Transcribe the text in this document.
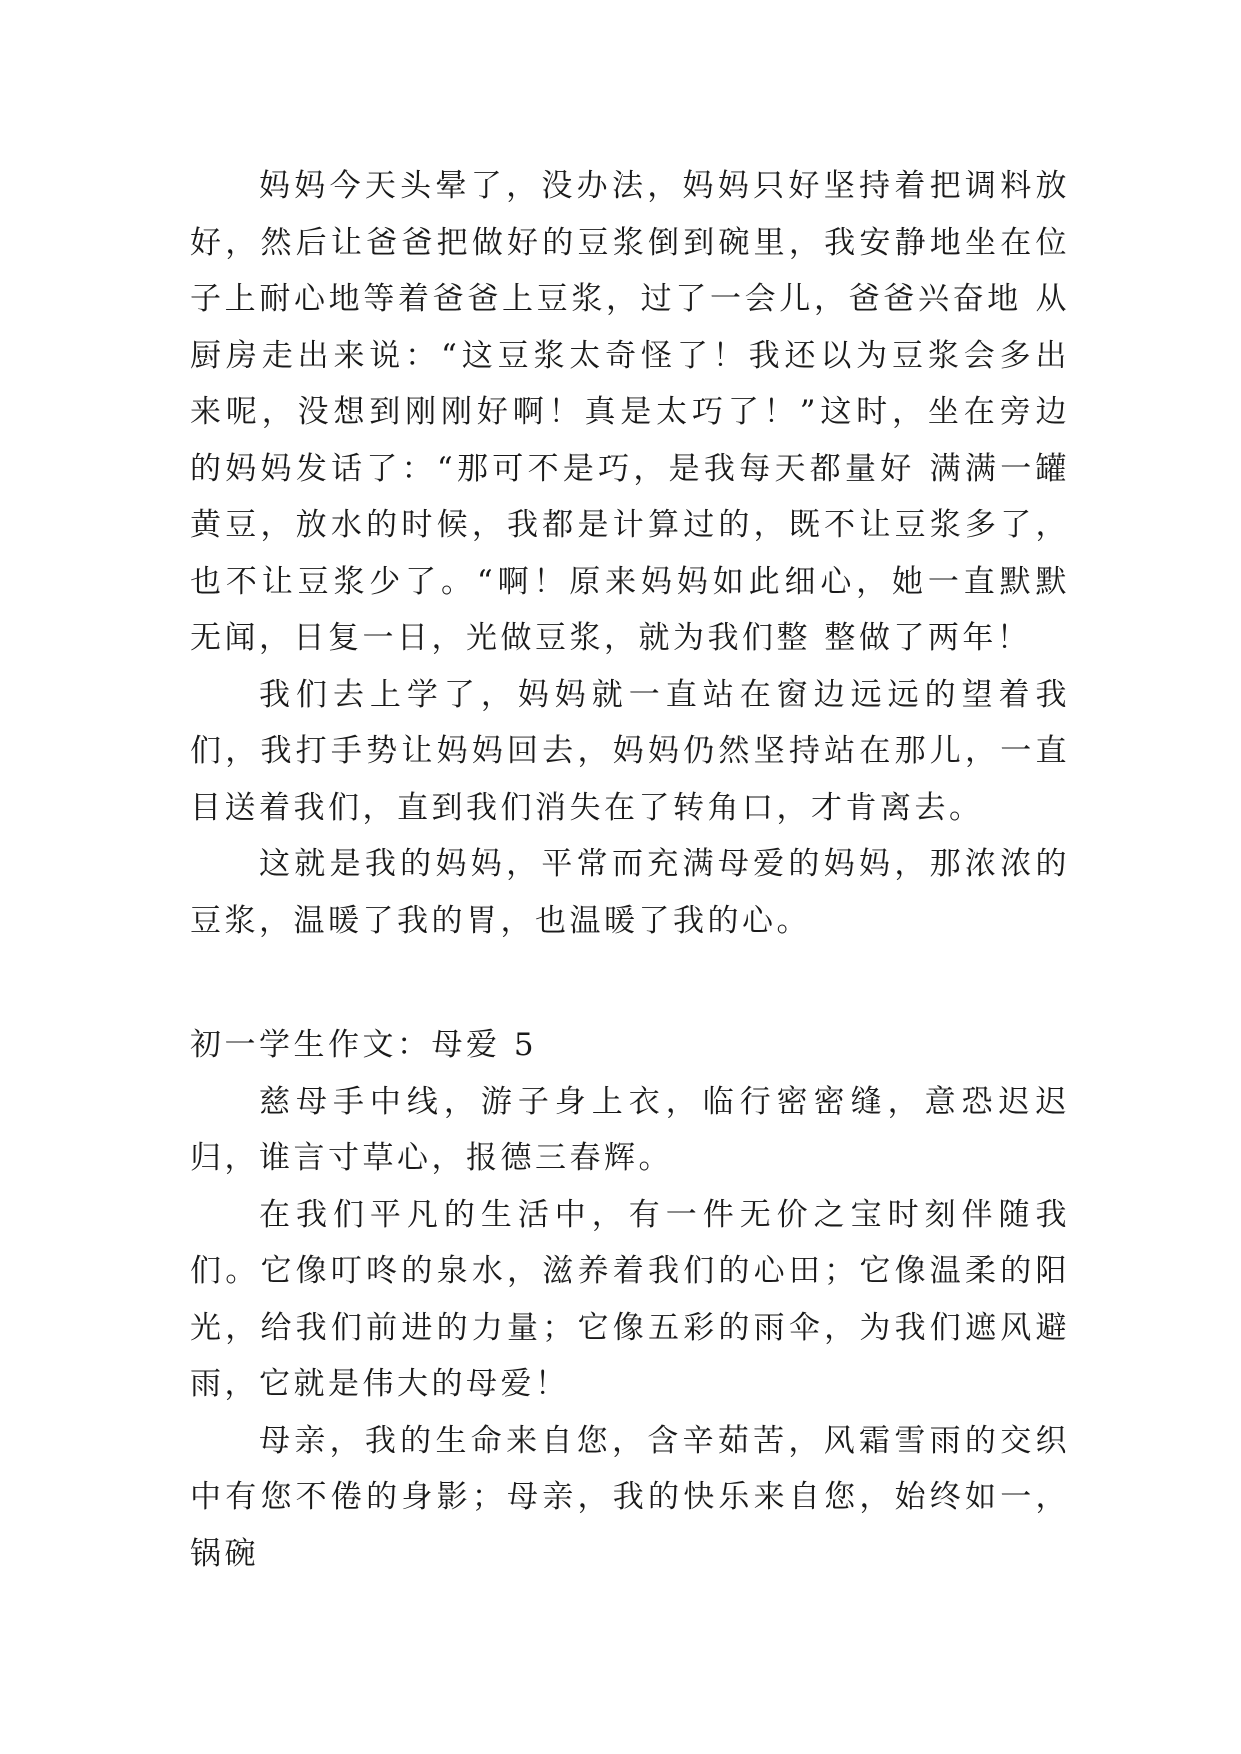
妈妈今天头晕了，没办法，妈妈只好坚持着把调料放好，然后让爸爸把做好的豆浆倒到碗里，我安静地坐在位子上耐心地等着爸爸上豆浆，过了一会儿，爸爸兴奋地 从厨房走出来说：“这豆浆太奇怪了！我还以为豆浆会多出来呢，没想到刚刚好啊！真是太巧了！”这时，坐在旁边的妈妈发话了：“那可不是巧，是我每天都量好 满满一罐黄豆，放水的时候，我都是计算过的，既不让豆浆多了，也不让豆浆少了。“啊！原来妈妈如此细心，她一直默默无闻，日复一日，光做豆浆，就为我们整 整做了两年！

我们去上学了，妈妈就一直站在窗边远远的望着我们，我打手势让妈妈回去，妈妈仍然坚持站在那儿，一直目送着我们，直到我们消失在了转角口，才肯离去。

这就是我的妈妈，平常而充满母爱的妈妈，那浓浓的豆浆，温暖了我的胃，也温暖了我的心。

初一学生作文：母爱 5

慈母手中线，游子身上衣，临行密密缝，意恐迟迟归，谁言寸草心，报德三春辉。

在我们平凡的生活中，有一件无价之宝时刻伴随我们。它像叮咚的泉水，滋养着我们的心田；它像温柔的阳光，给我们前进的力量；它像五彩的雨伞，为我们遮风避雨，它就是伟大的母爱！

母亲，我的生命来自您，含辛茹苦，风霜雪雨的交织中有您不倦的身影；母亲，我的快乐来自您，始终如一，锅碗
